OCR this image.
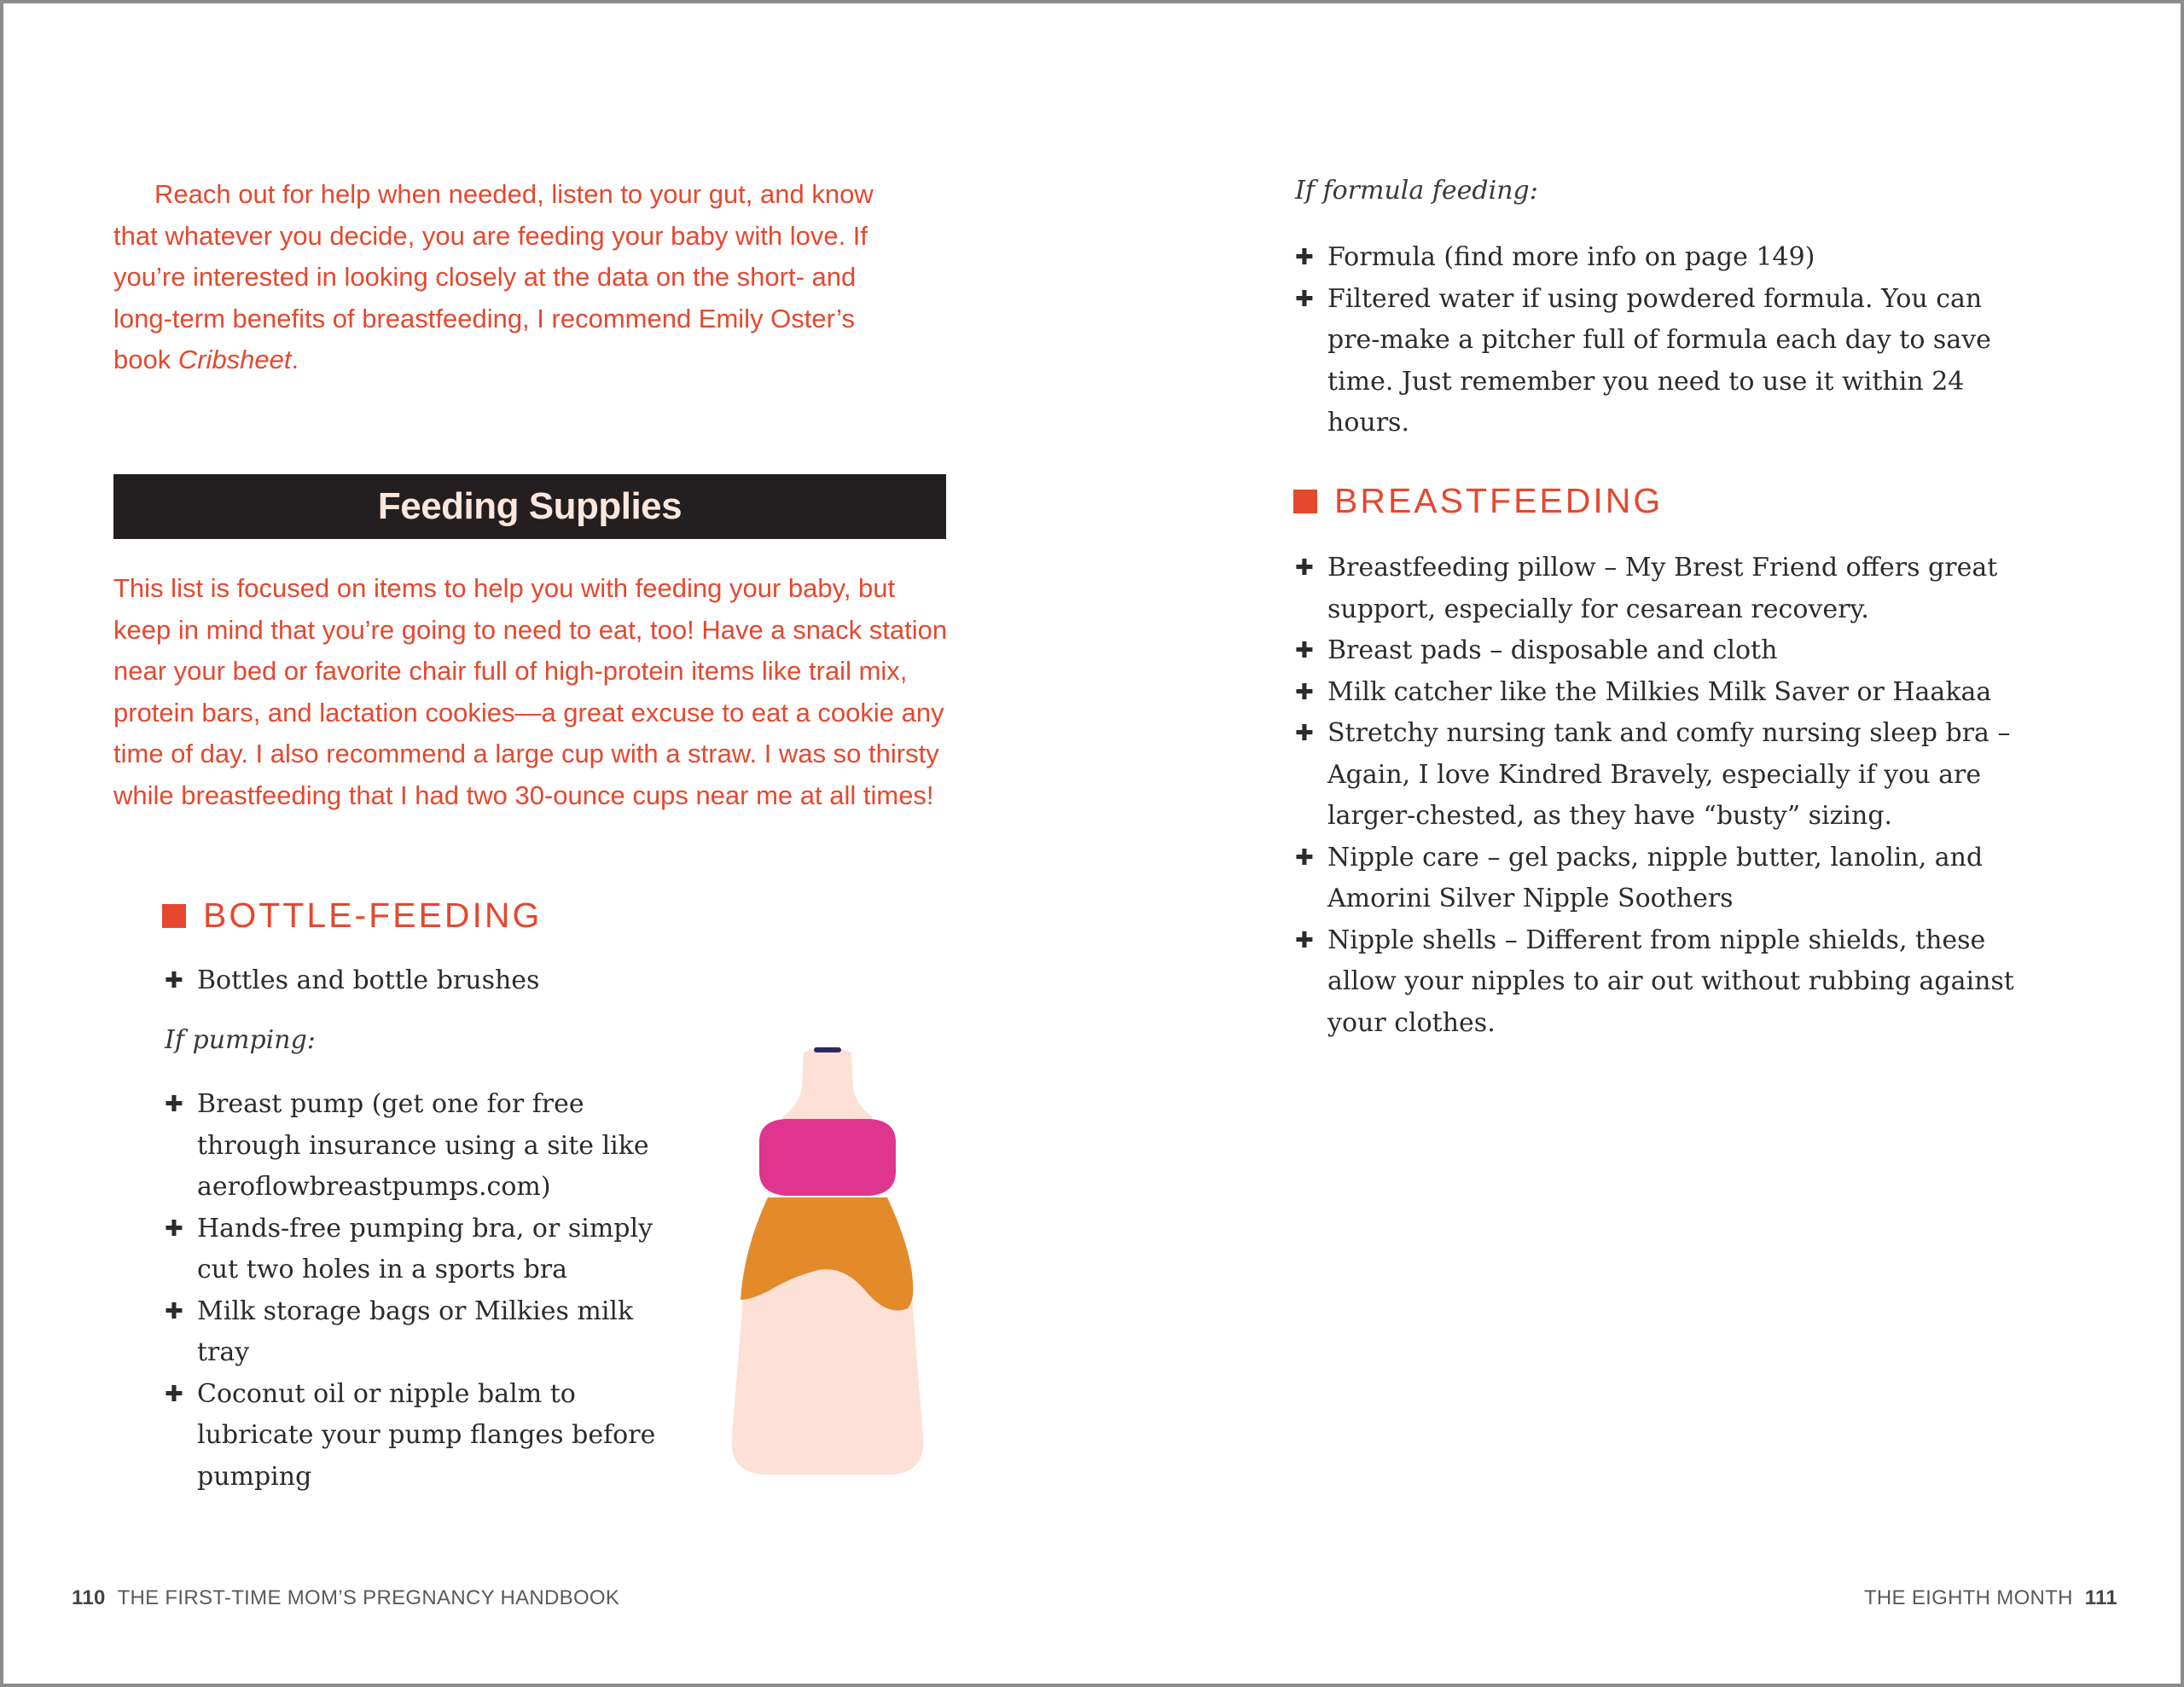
Reach out for help when needed, listen to your gut, and know that whatever you decide, you are feeding your baby with love. If you’re interested in looking closely at the data on the short- and long-term benefits of breastfeeding, I recommend Emily Oster’s book Cribsheet.

Feeding Supplies

This list is focused on items to help you with feeding your baby, but keep in mind that you’re going to need to eat, too! Have a snack station near your bed or favorite chair full of high-protein items like trail mix, protein bars, and lactation cookies—a great excuse to eat a cookie any time of day. I also recommend a large cup with a straw. I was so thirsty while breastfeeding that I had two 30-ounce cups near me at all times!

BOTTLE-FEEDING
✚ Bottles and bottle brushes

If pumping:

✚ Breast pump (get one for free through insurance using a site like aeroflowbreastpumps.com)
✚ Hands-free pumping bra, or simply cut two holes in a sports bra
✚ Milk storage bags or Milkies milk tray
✚ Coconut oil or nipple balm to lubricate your pump flanges before pumping
110 THE FIRST-TIME MOM’S PREGNANCY HANDBOOK

If formula feeding:

✚ Formula (find more info on page 149)
✚ Filtered water if using powdered formula. You can pre-make a pitcher full of formula each day to save time. Just remember you need to use it within 24 hours.
BREASTFEEDING
✚ Breastfeeding pillow – My Brest Friend offers great support, especially for cesarean recovery.
✚ Breast pads – disposable and cloth
✚ Milk catcher like the Milkies Milk Saver or Haakaa
✚ Stretchy nursing tank and comfy nursing sleep bra – Again, I love Kindred Bravely, especially if you are larger-chested, as they have “busty” sizing.
✚ Nipple care – gel packs, nipple butter, lanolin, and Amorini Silver Nipple Soothers
✚ Nipple shells – Different from nipple shields, these allow your nipples to air out without rubbing against your clothes.
THE EIGHTH MONTH 111
